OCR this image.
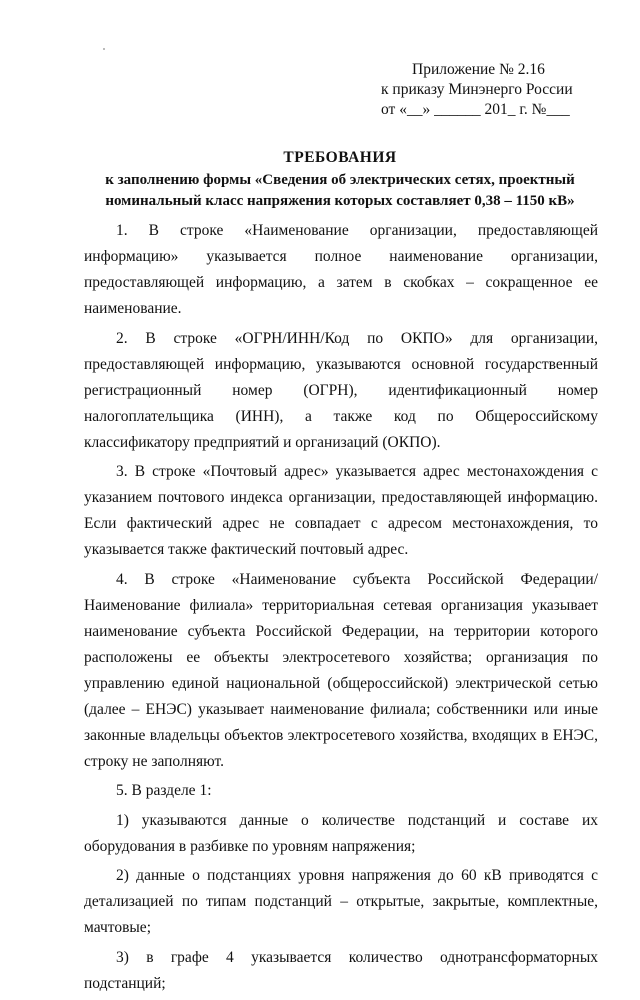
Приложение № 2.16
к приказу Минэнерго России
от «__» ______ 201_ г. №___
ТРЕБОВАНИЯ
к заполнению формы «Сведения об электрических сетях, проектный
номинальный класс напряжения которых составляет 0,38 – 1150 кВ»

1. В строке «Наименование организации, предоставляющей информацию» указывается полное наименование организации, предоставляющей информацию, а затем в скобках – сокращенное ее наименование.

2. В строке «ОГРН/ИНН/Код по ОКПО» для организации, предоставляющей информацию, указываются основной государственный регистрационный номер (ОГРН), идентификационный номер налогоплательщика (ИНН), а также код по Общероссийскому классификатору предприятий и организаций (ОКПО).

3. В строке «Почтовый адрес» указывается адрес местонахождения с указанием почтового индекса организации, предоставляющей информацию. Если фактический адрес не совпадает с адресом местонахождения, то указывается также фактический почтовый адрес.

4. В строке «Наименование субъекта Российской Федерации/Наименование филиала» территориальная сетевая организация указывает наименование субъекта Российской Федерации, на территории которого расположены ее объекты электросетевого хозяйства; организация по управлению единой национальной (общероссийской) электрической сетью (далее – ЕНЭС) указывает наименование филиала; собственники или иные законные владельцы объектов электросетевого хозяйства, входящих в ЕНЭС, строку не заполняют.

5. В разделе 1:

1) указываются данные о количестве подстанций и составе их оборудования в разбивке по уровням напряжения;

2) данные о подстанциях уровня напряжения до 60 кВ приводятся с детализацией по типам подстанций – открытые, закрытые, комплектные, мачтовые;

3) в графе 4 указывается количество однотрансформаторных подстанций;
